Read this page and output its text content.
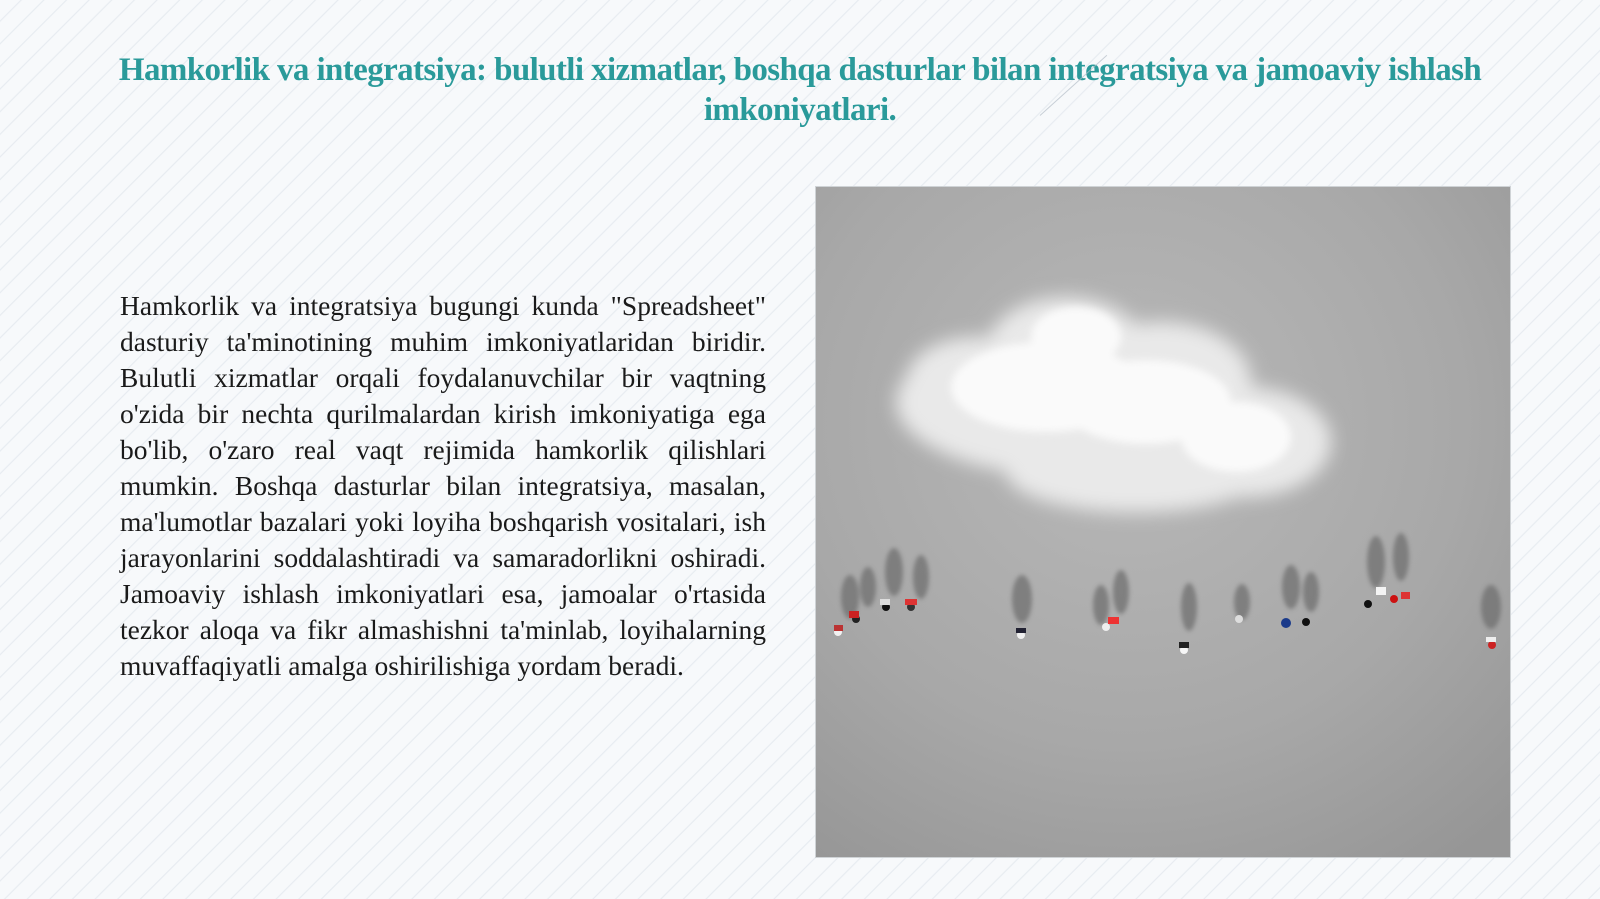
Hamkorlik va integratsiya: bulutli xizmatlar, boshqa dasturlar bilan integratsiya va jamoaviy ishlash imkoniyatlari.

Hamkorlik va integratsiya bugungi kunda "Spreadsheet" dasturiy ta'minotining muhim imkoniyatlaridan biridir. Bulutli xizmatlar orqali foydalanuvchilar bir vaqtning o'zida bir nechta qurilmalardan kirish imkoniyatiga ega bo'lib, o'zaro real vaqt rejimida hamkorlik qilishlari mumkin. Boshqa dasturlar bilan integratsiya, masalan, ma'lumotlar bazalari yoki loyiha boshqarish vositalari, ish jarayonlarini soddalashtiradi va samaradorlikni oshiradi. Jamoaviy ishlash imkoniyatlari esa, jamoalar o'rtasida tezkor aloqa va fikr almashishni ta'minlab, loyihalarning muvaffaqiyatli amalga oshirilishiga yordam beradi.
